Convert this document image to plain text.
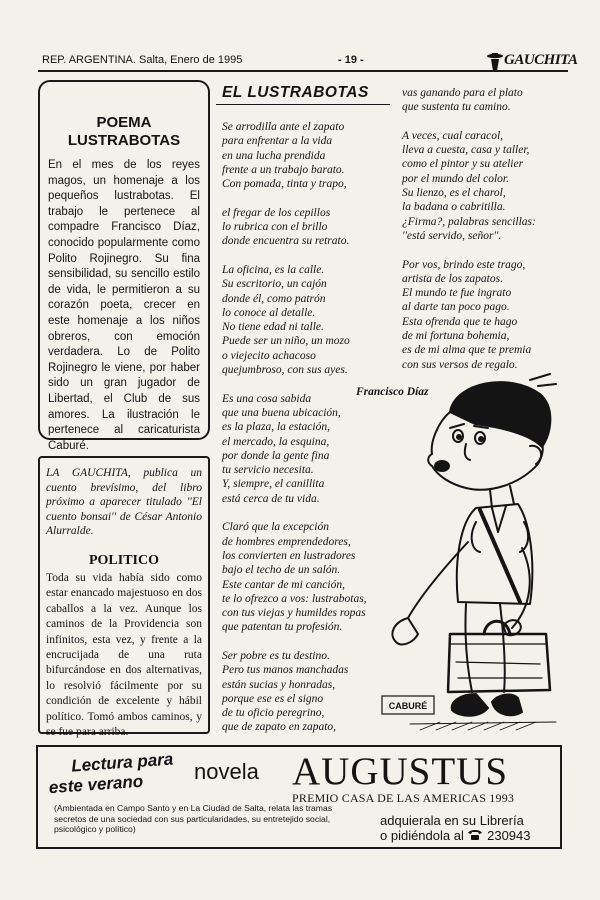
REP. ARGENTINA. Salta, Enero de 1995	- 19 -	GAUCHITA
POEMA
LUSTRABOTAS

En el mes de los reyes magos, un homenaje a los pequeños lustrabotas. El trabajo le pertenece al compadre Francisco Díaz, conocido popularmente como Polito Rojinegro. Su fina sensibilidad, su sencillo estilo de vida, le permitieron a su corazón poeta, crecer en este homenaje a los niños obreros, con emoción verdadera. Lo de Polito Rojinegro le viene, por haber sido un gran jugador de Libertad, el Club de sus amores. La ilustración le pertenece al caricaturista Caburé.

LA GAUCHITA, publica un cuento brevísimo, del libro próximo a aparecer titulado ''El cuento bonsai'' de César Antonio Alurralde.

POLITICO

Toda su vida había sido como estar enancado majestuoso en dos caballos a la vez. Aunque los caminos de la Providencia son infinitos, esta vez, y frente a la encrucijada de una ruta bifurcándose en dos alternativas, lo resolvió fácilmente por su condición de excelente y hábil político. Tomó ambos caminos, y se fue para arriba.

EL LUSTRABOTAS

Se arrodilla ante el zapato
para enfrentar a la vida
en una lucha prendida
frente a un trabajo barato.
Con pomada, tinta y trapo,

el fregar de los cepillos
lo rubrica con el brillo
donde encuentra su retrato.

La oficina, es la calle.
Su escritorio, un cajón
donde él, como patrón
lo conoce al detalle.
No tiene edad ni talle.
Puede ser un niño, un mozo
o viejecito achacoso
quejumbroso, con sus ayes.

Es una cosa sabida
que una buena ubicación,
es la plaza, la estación,
el mercado, la esquina,
por donde la gente fina
tu servicio necesita.
Y, siempre, el canillita
está cerca de tu vida.

Claró que la excepción
de hombres emprendedores,
los convierten en lustradores
bajo el techo de un salón.
Este cantar de mi canción,
te lo ofrezco a vos: lustrabotas,
con tus viejas y humildes ropas
que patentan tu profesión.

Ser pobre es tu destino.
Pero tus manos manchadas
están sucias y honradas,
porque ese es el signo
de tu oficio peregrino,
que de zapato en zapato,

vas ganando para el plato
que sustenta tu camino.

A veces, cual caracol,
lleva a cuesta, casa y taller,
como el pintor y su atelier
por el mundo del color.
Su lienzo, es el charol,
la badana o cabritilla.
¿Firma?, palabras sencillas:
''está servido, señor''.

Por vos, brindo este trago,
artista de los zapatos.
El mundo te fue ingrato
al darte tan poco pago.
Esta ofrenda que te hago
de mi fortuna bohemia,
es de mi alma que te premia
con sus versos de regalo.

Francisco Díaz
CABURÉ
Lectura para
este verano
novela AUGUSTUS
PREMIO CASA DE LAS AMERICAS 1993
(Ambientada en Campo Santo y en La Ciudad de Salta, relata las tramas secretos de una sociedad con sus particularidades, su entretejido social, psicológico y político)
adquierala en su Librería
o pidiéndola al 230943
